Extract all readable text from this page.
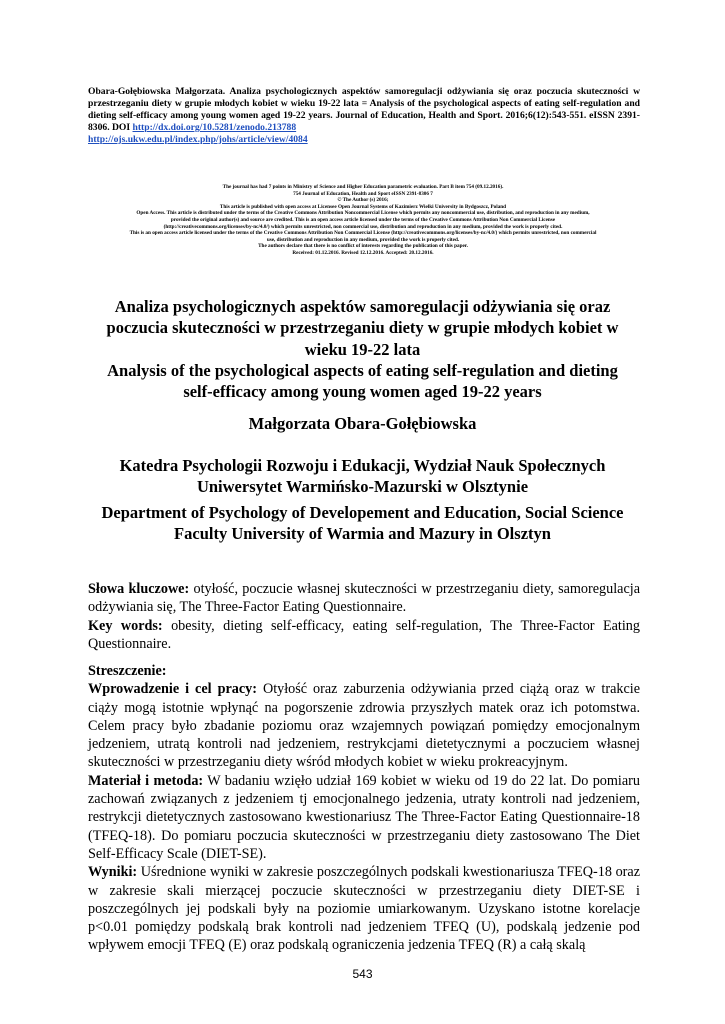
Obara-Gołębiowska Małgorzata. Analiza psychologicznych aspektów samoregulacji odżywiania się oraz poczucia skuteczności w przestrzeganiu diety w grupie młodych kobiet w wieku 19-22 lata = Analysis of the psychological aspects of eating self-regulation and dieting self-efficacy among young women aged 19-22 years. Journal of Education, Health and Sport. 2016;6(12):543-551. eISSN 2391-8306. DOI http://dx.doi.org/10.5281/zenodo.213788
http://ojs.ukw.edu.pl/index.php/johs/article/view/4084
The journal has had 7 points in Ministry of Science and Higher Education parametric evaluation. Part B item 754 (09.12.2016).
754 Journal of Education, Health and Sport eISSN 2391-8306 7
© The Author (s) 2016;
This article is published with open access at Licensee Open Journal Systems of Kazimierz Wielki University in Bydgoszcz, Poland
Open Access. This article is distributed under the terms of the Creative Commons Attribution Noncommercial License which permits any noncommercial use, distribution, and reproduction in any medium,
provided the original author(s) and source are credited. This is an open access article licensed under the terms of the Creative Commons Attribution Non Commercial License
(http://creativecommons.org/licenses/by-nc/4.0/) which permits unrestricted, non commercial use, distribution and reproduction in any medium, provided the work is properly cited.
This is an open access article licensed under the terms of the Creative Commons Attribution Non Commercial License (http://creativecommons.org/licenses/by-nc/4.0/) which permits unrestricted, non commercial
use, distribution and reproduction in any medium, provided the work is properly cited.
The authors declare that there is no conflict of interests regarding the publication of this paper.
Received: 01.12.2016. Revised 12.12.2016. Accepted: 20.12.2016.
Analiza psychologicznych aspektów samoregulacji odżywiania się oraz
poczucia skuteczności w przestrzeganiu diety w grupie młodych kobiet w
wieku 19-22 lata
Analysis of the psychological aspects of eating self-regulation and dieting
self-efficacy among young women aged 19-22 years
Małgorzata Obara-Gołębiowska
Katedra Psychologii Rozwoju i Edukacji, Wydział Nauk Społecznych
Uniwersytet Warmińsko-Mazurski w Olsztynie
Department of Psychology of Developement and Education, Social Science
Faculty University of Warmia and Mazury in Olsztyn

Słowa kluczowe: otyłość, poczucie własnej skuteczności w przestrzeganiu diety, samoregulacja odżywiania się, The Three-Factor Eating Questionnaire.

Key words: obesity, dieting self-efficacy, eating self-regulation, The Three-Factor Eating Questionnaire.

Streszczenie:

Wprowadzenie i cel pracy: Otyłość oraz zaburzenia odżywiania przed ciążą oraz w trakcie ciąży mogą istotnie wpłynąć na pogorszenie zdrowia przyszłych matek oraz ich potomstwa. Celem pracy było zbadanie poziomu oraz wzajemnych powiązań pomiędzy emocjonalnym jedzeniem, utratą kontroli nad jedzeniem, restrykcjami dietetycznymi a poczuciem własnej skuteczności w przestrzeganiu diety wśród młodych kobiet w wieku prokreacyjnym.

Materiał i metoda: W badaniu wzięło udział 169 kobiet w wieku od 19 do 22 lat. Do pomiaru zachowań związanych z jedzeniem tj emocjonalnego jedzenia, utraty kontroli nad jedzeniem, restrykcji dietetycznych zastosowano kwestionariusz The Three-Factor Eating Questionnaire-18 (TFEQ-18). Do pomiaru poczucia skuteczności w przestrzeganiu diety zastosowano The Diet Self-Efficacy Scale (DIET-SE).

Wyniki: Uśrednione wyniki w zakresie poszczególnych podskali kwestionariusza TFEQ-18 oraz w zakresie skali mierzącej poczucie skuteczności w przestrzeganiu diety DIET-SE i poszczególnych jej podskali były na poziomie umiarkowanym. Uzyskano istotne korelacje p<0.01 pomiędzy podskalą brak kontroli nad jedzeniem TFEQ (U), podskalą jedzenie pod wpływem emocji TFEQ (E) oraz podskalą ograniczenia jedzenia TFEQ (R) a całą skalą

543
